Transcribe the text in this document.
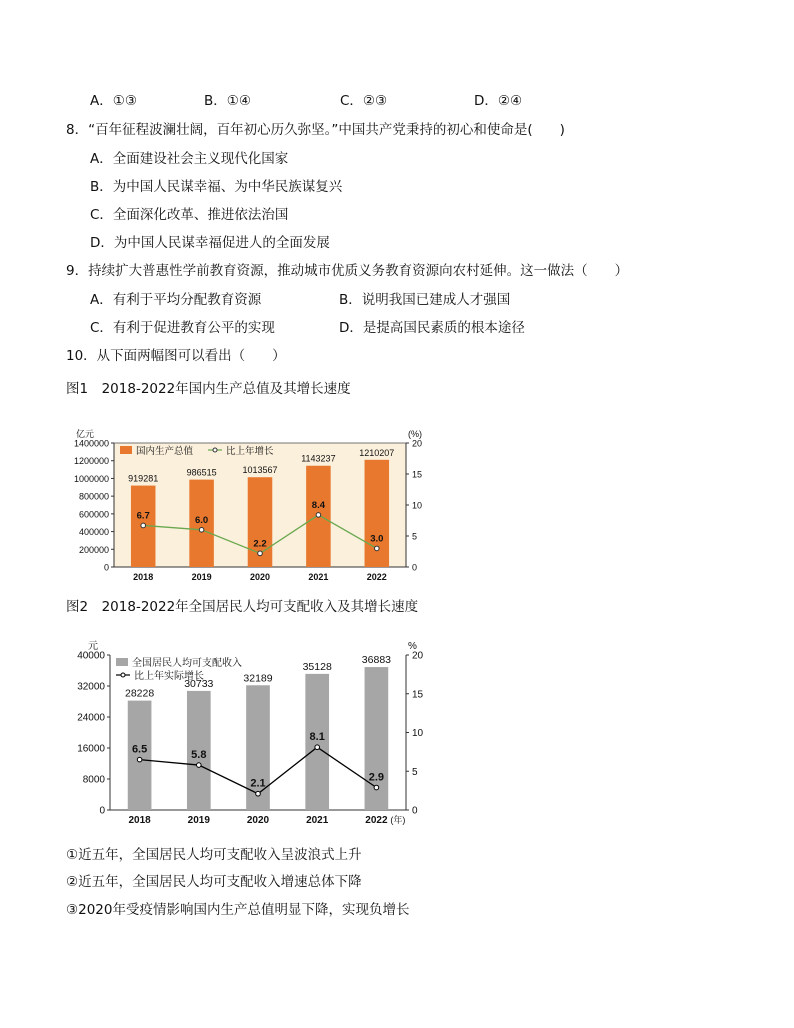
A．①③	B．①④	C．②③	D．②④
8．“百年征程波澜壮阔，百年初心历久弥坚。”中国共产党秉持的初心和使命是(　　)
A．全面建设社会主义现代化国家
B．为中国人民谋幸福、为中华民族谋复兴
C．全面深化改革、推进依法治国
D．为中国人民谋幸福促进人的全面发展
9．持续扩大普惠性学前教育资源，推动城市优质义务教育资源向农村延伸。这一做法（　　）
A．有利于平均分配教育资源	B．说明我国已建成人才强国
C．有利于促进教育公平的实现	D．是提高国民素质的根本途径
10．从下面两幅图可以看出（　　）
图1　2018-2022年国内生产总值及其增长速度
0
200000
400000
600000
800000
1000000
1200000
1400000
0
5
10
15
20
亿元	(%)
919281
986515	1013567
1143237
1210207
2018	2019	2020	2021	2022
6.7	6.0
2.2
8.4
3.0
国内生产总值	比上年增长
图2　2018-2022年全国居民人均可支配收入及其增长速度
0
8000
16000
24000
32000
40000
0
5
10
15
20
元	%
28228
30733	32189
35128
36883
2018	2019	2020	2021	2022 (年)
6.5	5.8
2.1
8.1
2.9
全国居民人均可支配收入
比上年实际增长
①近五年，全国居民人均可支配收入呈波浪式上升
②近五年，全国居民人均可支配收入增速总体下降
③2020年受疫情影响国内生产总值明显下降，实现负增长
